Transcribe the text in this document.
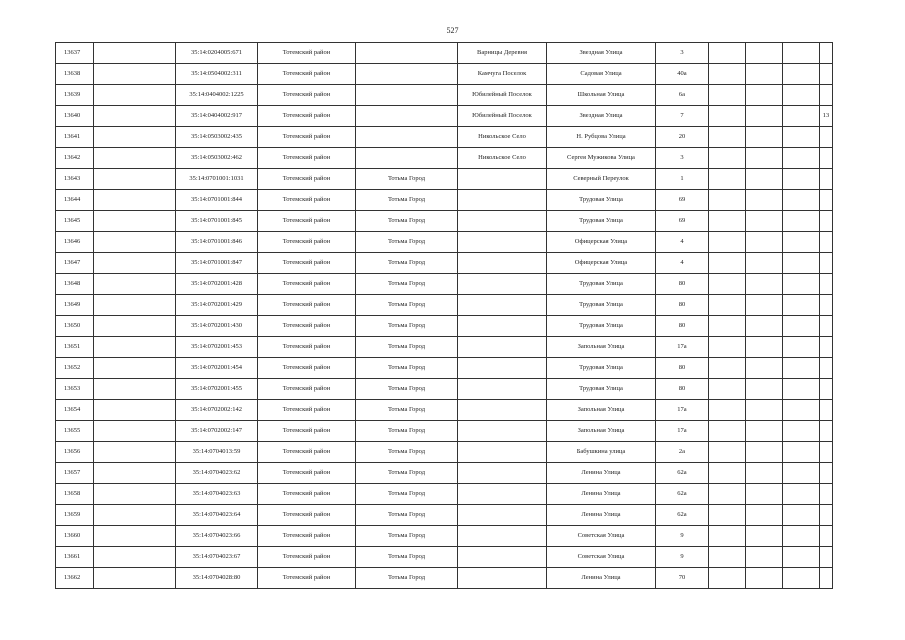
527
13637		35:14:0204005:671	Тотемский район		Варницы Деревня	Звездная Улица	3				
13638		35:14:0504002:311	Тотемский район		Камчуга Поселок	Садовая Улица	40а				
13639		35:14:0404002:1225	Тотемский район		Юбилейный Поселок	Школьная Улица	6а				
13640		35:14:0404002:917	Тотемский район		Юбилейный Поселок	Звездная Улица	7				13
13641		35:14:0503002:435	Тотемский район		Никольское Село	Н. Рубцова Улица	20				
13642		35:14:0503002:462	Тотемский район		Никольское Село	Сергея Мужикова Улица	3				
13643		35:14:0701001:1031	Тотемский район	Тотьма Город		Северный Переулок	1				
13644		35:14:0701001:844	Тотемский район	Тотьма Город		Трудовая Улица	69				
13645		35:14:0701001:845	Тотемский район	Тотьма Город		Трудовая Улица	69				
13646		35:14:0701001:846	Тотемский район	Тотьма Город		Офицерская Улица	4				
13647		35:14:0701001:847	Тотемский район	Тотьма Город		Офицерская Улица	4				
13648		35:14:0702001:428	Тотемский район	Тотьма Город		Трудовая Улица	80				
13649		35:14:0702001:429	Тотемский район	Тотьма Город		Трудовая Улица	80				
13650		35:14:0702001:430	Тотемский район	Тотьма Город		Трудовая Улица	80				
13651		35:14:0702001:453	Тотемский район	Тотьма Город		Запольная Улица	17а				
13652		35:14:0702001:454	Тотемский район	Тотьма Город		Трудовая Улица	80				
13653		35:14:0702001:455	Тотемский район	Тотьма Город		Трудовая Улица	80				
13654		35:14:0702002:142	Тотемский район	Тотьма Город		Запольная Улица	17а				
13655		35:14:0702002:147	Тотемский район	Тотьма Город		Запольная Улица	17а				
13656		35:14:0704013:59	Тотемский район	Тотьма Город		Бабушкина улица	2а				
13657		35:14:0704023:62	Тотемский район	Тотьма Город		Ленина Улица	62а				
13658		35:14:0704023:63	Тотемский район	Тотьма Город		Ленина Улица	62а				
13659		35:14:0704023:64	Тотемский район	Тотьма Город		Ленина Улица	62а				
13660		35:14:0704023:66	Тотемский район	Тотьма Город		Советская Улица	9				
13661		35:14:0704023:67	Тотемский район	Тотьма Город		Советская Улица	9				
13662		35:14:0704028:80	Тотемский район	Тотьма Город		Ленина Улица	70				
